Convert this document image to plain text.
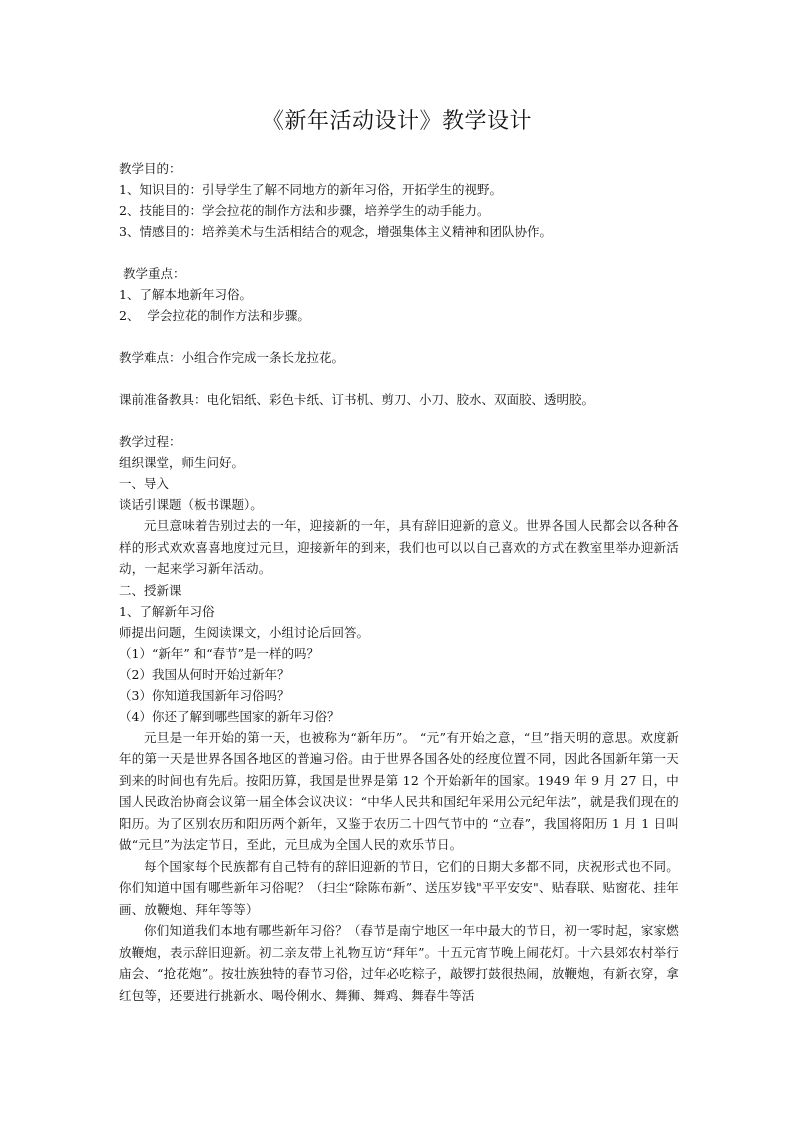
《新年活动设计》教学设计
教学目的：
1、知识目的：引导学生了解不同地方的新年习俗，开拓学生的视野。
2、技能目的：学会拉花的制作方法和步骤，培养学生的动手能力。
3、情感目的：培养美术与生活相结合的观念，增强集体主义精神和团队协作。
教学重点：
1、了解本地新年习俗。
2、  学会拉花的制作方法和步骤。
教学难点：小组合作完成一条长龙拉花。
课前准备教具：电化铝纸、彩色卡纸、订书机、剪刀、小刀、胶水、双面胶、透明胶。
教学过程：
组织课堂，师生问好。
一、导入
谈话引课题（板书课题）。
元旦意味着告别过去的一年，迎接新的一年，具有辞旧迎新的意义。世界各国人民都会以各种各样的形式欢欢喜喜地度过元旦，迎接新年的到来，我们也可以以自己喜欢的方式在教室里举办迎新活动，一起来学习新年活动。
二、授新课
1、了解新年习俗
师提出问题，生阅读课文，小组讨论后回答。
（1）“新年” 和“春节”是一样的吗？
（2）我国从何时开始过新年？
（3）你知道我国新年习俗吗？
（4）你还了解到哪些国家的新年习俗？
元旦是一年开始的第一天，也被称为“新年历”。 “元”有开始之意，“旦”指天明的意思。欢度新年的第一天是世界各国各地区的普遍习俗。由于世界各国各处的经度位置不同，因此各国新年第一天到来的时间也有先后。按阳历算，我国是世界是第 12 个开始新年的国家。1949 年 9 月 27 日，中国人民政治协商会议第一届全体会议决议：“中华人民共和国纪年采用公元纪年法”，就是我们现在的阳历。为了区别农历和阳历两个新年，又鉴于农历二十四气节中的 “立春”，我国将阳历 1 月 1 日叫做“元旦”为法定节日，至此，元旦成为全国人民的欢乐节日。
每个国家每个民族都有自己特有的辞旧迎新的节日，它们的日期大多都不同，庆祝形式也不同。你们知道中国有哪些新年习俗呢？（扫尘“除陈布新”、送压岁钱"平平安安"、贴春联、贴窗花、挂年画、放鞭炮、拜年等等）
你们知道我们本地有哪些新年习俗？（春节是南宁地区一年中最大的节日，初一零时起，家家燃放鞭炮，表示辞旧迎新。初二亲友带上礼物互访“拜年”。十五元宵节晚上闹花灯。十六县郊农村举行庙会、“抢花炮”。按壮族独特的春节习俗，过年必吃粽子，敲锣打鼓很热闹，放鞭炮，有新衣穿，拿红包等，还要进行挑新水、喝伶俐水、舞狮、舞鸡、舞春牛等活
